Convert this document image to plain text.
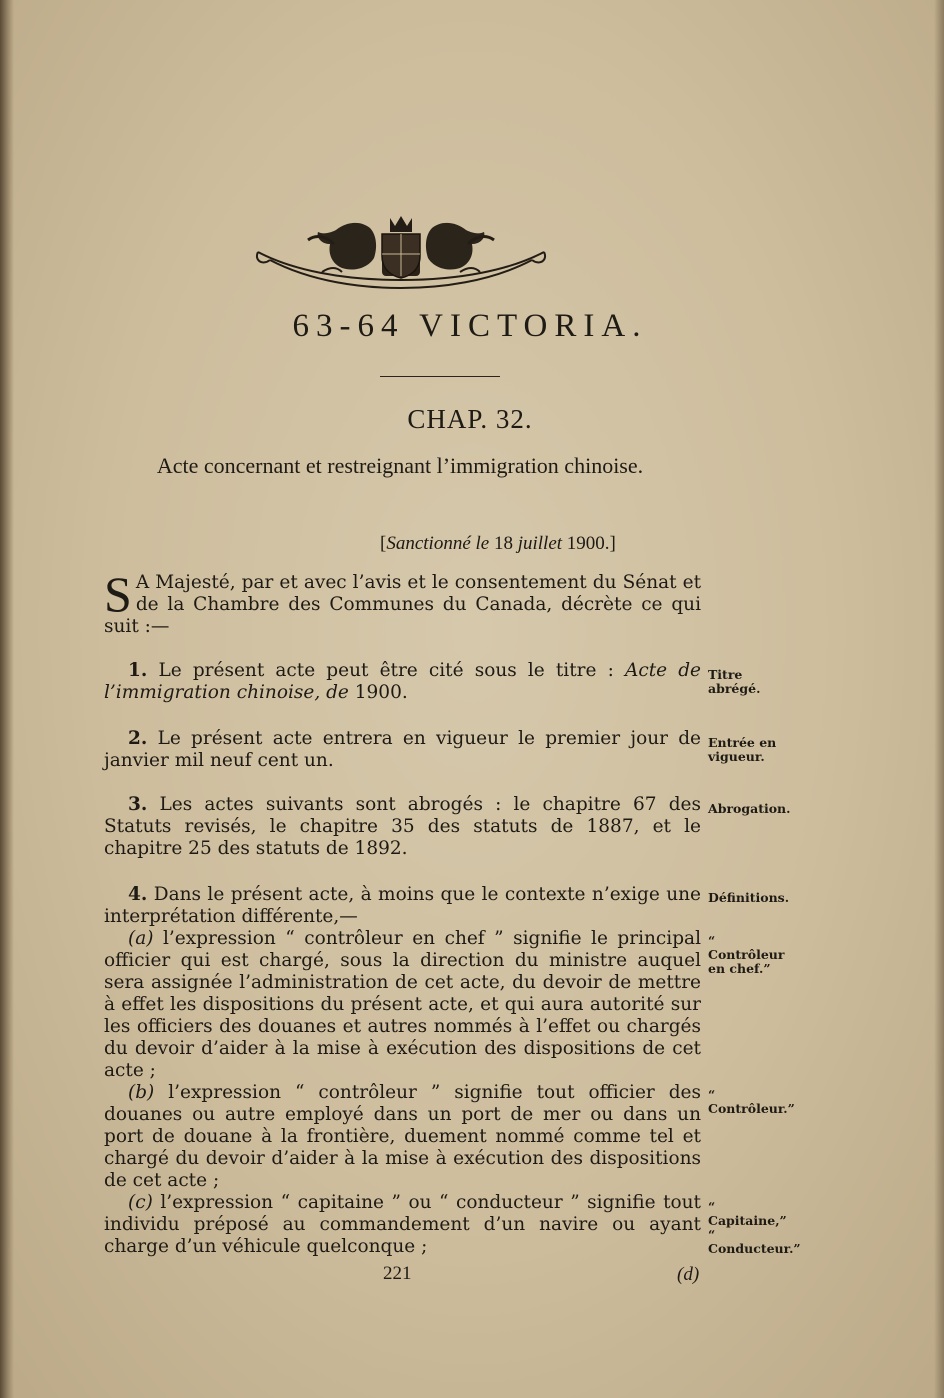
63-64 VICTORIA.
CHAP. 32.
Acte concernant et restreignant l’immigration chinoise.
[Sanctionné le 18 juillet 1900.]

S A Majesté, par et avec l’avis et le consentement du Sénat et de la Chambre des Communes du Canada, décrète ce qui suit :—

1. Le présent acte peut être cité sous le titre : Acte de l’immigration chinoise, de 1900.

Titre abrégé.

2. Le présent acte entrera en vigueur le premier jour de janvier mil neuf cent un.

Entrée en vigueur.

3. Les actes suivants sont abrogés : le chapitre 67 des Statuts revisés, le chapitre 35 des statuts de 1887, et le chapitre 25 des statuts de 1892.

Abrogation.

4. Dans le présent acte, à moins que le contexte n’exige une interprétation différente,—

(a) l’expression “ contrôleur en chef ” signifie le principal officier qui est chargé, sous la direction du ministre auquel sera assignée l’administration de cet acte, du devoir de mettre à effet les dispositions du présent acte, et qui aura autorité sur les officiers des douanes et autres nommés à l’effet ou chargés du devoir d’aider à la mise à exécution des dispositions de cet acte ;

(b) l’expression “ contrôleur ” signifie tout officier des douanes ou autre employé dans un port de mer ou dans un port de douane à la frontière, duement nommé comme tel et chargé du devoir d’aider à la mise à exécution des dispositions de cet acte ;

(c) l’expression “ capitaine ” ou “ conducteur ” signifie tout individu préposé au commandement d’un navire ou ayant charge d’un véhicule quelconque ;

Définitions.
“ Contrôleur en chef.”
“ Contrôleur.”
“ Capitaine,” “ Conducteur.”
221	(d)
